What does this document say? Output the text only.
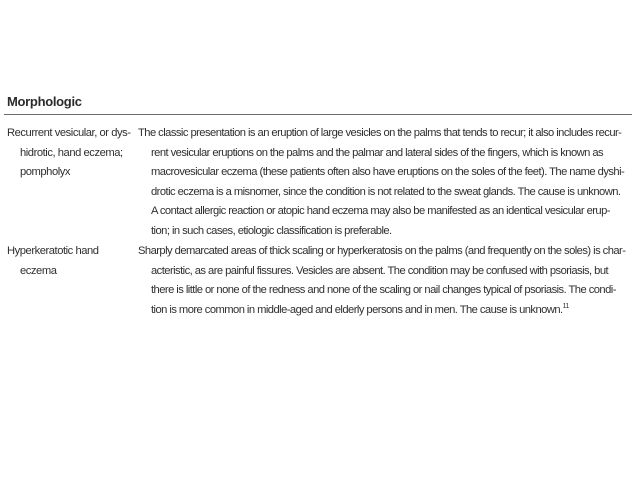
Morphologic
Recurrent vesicular, or dys-
hidrotic, hand eczema;
pompholyx
The classic presentation is an eruption of large vesicles on the palms that tends to recur; it also includes recur-
rent vesicular eruptions on the palms and the palmar and lateral sides of the fingers, which is known as
macrovesicular eczema (these patients often also have eruptions on the soles of the feet). The name dyshi-
drotic eczema is a misnomer, since the condition is not related to the sweat glands. The cause is unknown.
A contact allergic reaction or atopic hand eczema may also be manifested as an identical vesicular erup-
tion; in such cases, etiologic classification is preferable.
Hyperkeratotic hand
eczema
Sharply demarcated areas of thick scaling or hyperkeratosis on the palms (and frequently on the soles) is char-
acteristic, as are painful fissures. Vesicles are absent. The condition may be confused with psoriasis, but
there is little or none of the redness and none of the scaling or nail changes typical of psoriasis. The condi-
tion is more common in middle-aged and elderly persons and in men. The cause is unknown.$^{11}$
